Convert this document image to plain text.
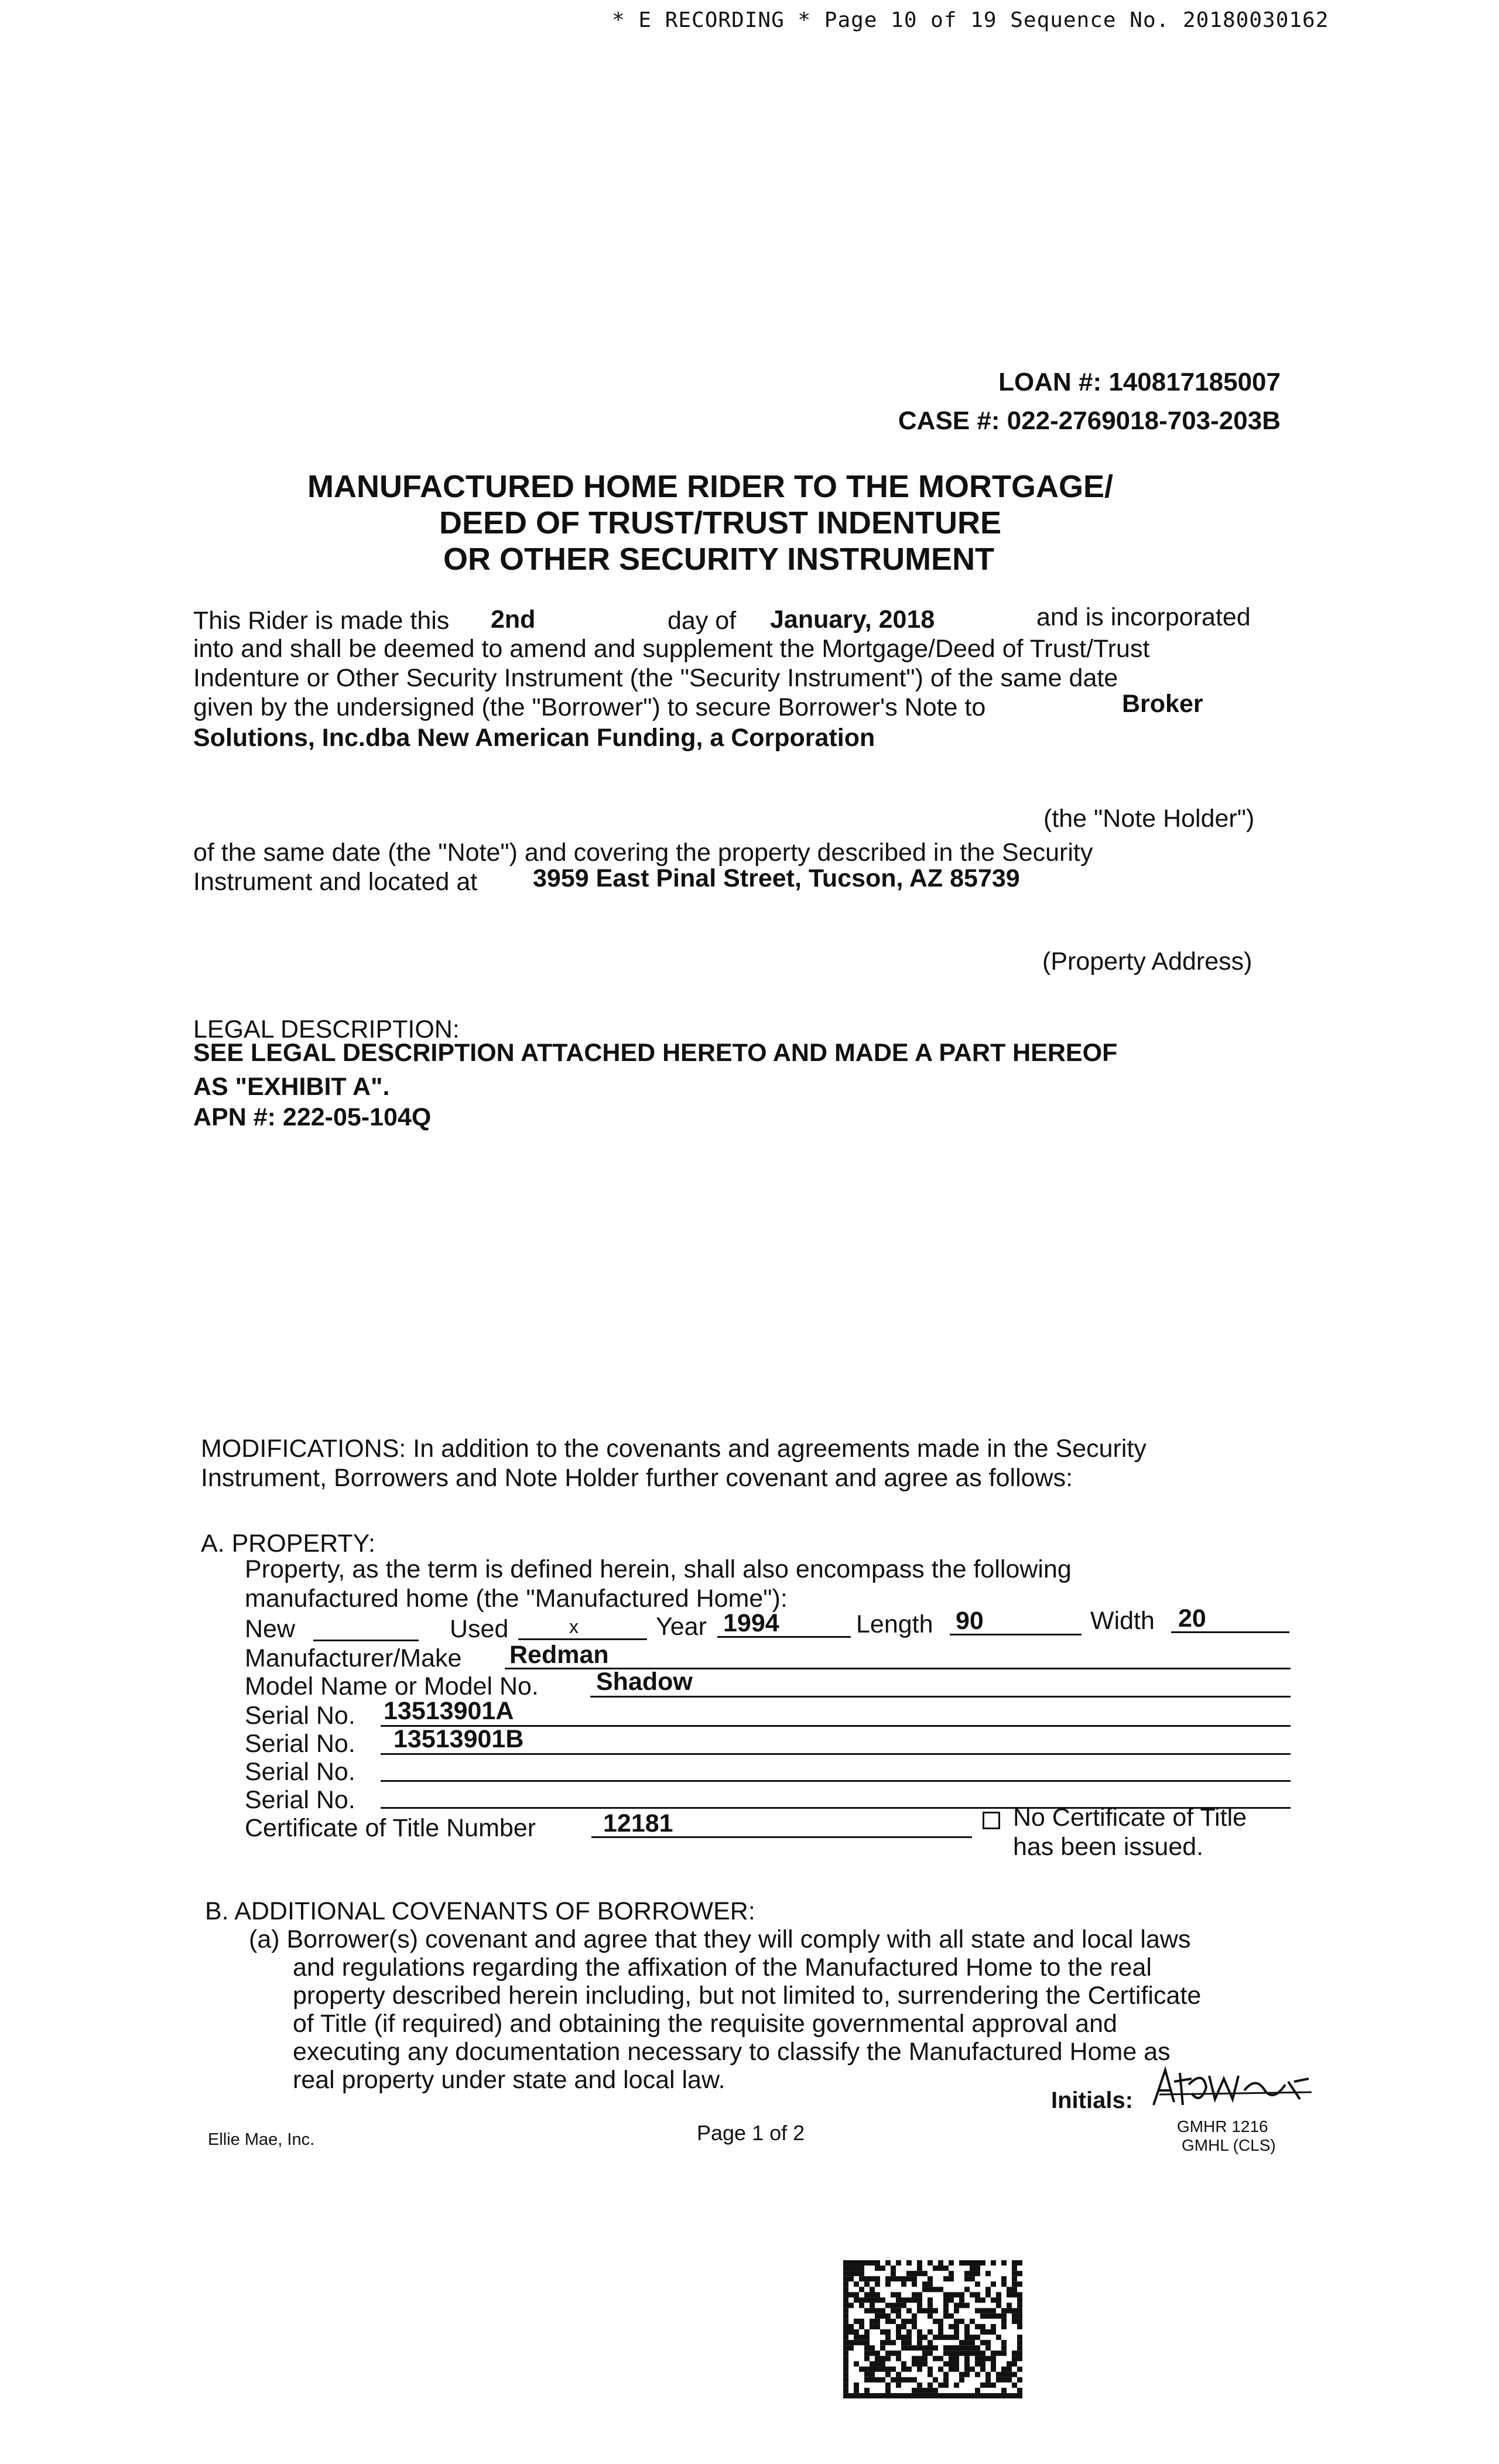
* E RECORDING * Page 10 of 19 Sequence No. 20180030162
LOAN #: 140817185007
CASE #: 022-2769018-703-203B
MANUFACTURED HOME RIDER TO THE MORTGAGE/
DEED OF TRUST/TRUST INDENTURE
OR OTHER SECURITY INSTRUMENT
This Rider is made this 2nd	day of January, 2018	and is incorporated
into and shall be deemed to amend and supplement the Mortgage/Deed of Trust/Trust
Indenture or Other Security Instrument (the "Security Instrument") of the same date
given by the undersigned (the "Borrower") to secure Borrower's Note to	Broker
Solutions, Inc.dba New American Funding, a Corporation
(the "Note Holder")
of the same date (the "Note") and covering the property described in the Security
Instrument and located at 3959 East Pinal Street, Tucson, AZ 85739
(Property Address)
LEGAL DESCRIPTION:
SEE LEGAL DESCRIPTION ATTACHED HERETO AND MADE A PART HEREOF
AS "EXHIBIT A".
APN #: 222-05-104Q
MODIFICATIONS: In addition to the covenants and agreements made in the Security
Instrument, Borrowers and Note Holder further covenant and agree as follows:
A. PROPERTY:
Property, as the term is defined herein, shall also encompass the following
manufactured home (the "Manufactured Home"):
New	Used	x	Year 1994	Length 90	Width 20
Manufacturer/Make Redman
Model Name or Model No. Shadow
Serial No. 13513901A
Serial No. 13513901B
Serial No.
Serial No.
Certificate of Title Number	12181	No Certificate of Title
has been issued.
B. ADDITIONAL COVENANTS OF BORROWER:
(a) Borrower(s) covenant and agree that they will comply with all state and local laws
and regulations regarding the affixation of the Manufactured Home to the real
property described herein including, but not limited to, surrendering the Certificate
of Title (if required) and obtaining the requisite governmental approval and
executing any documentation necessary to classify the Manufactured Home as
real property under state and local law.
Initials:
GMHR 1216
GMHL (CLS)
Ellie Mae, Inc.	Page 1 of 2
